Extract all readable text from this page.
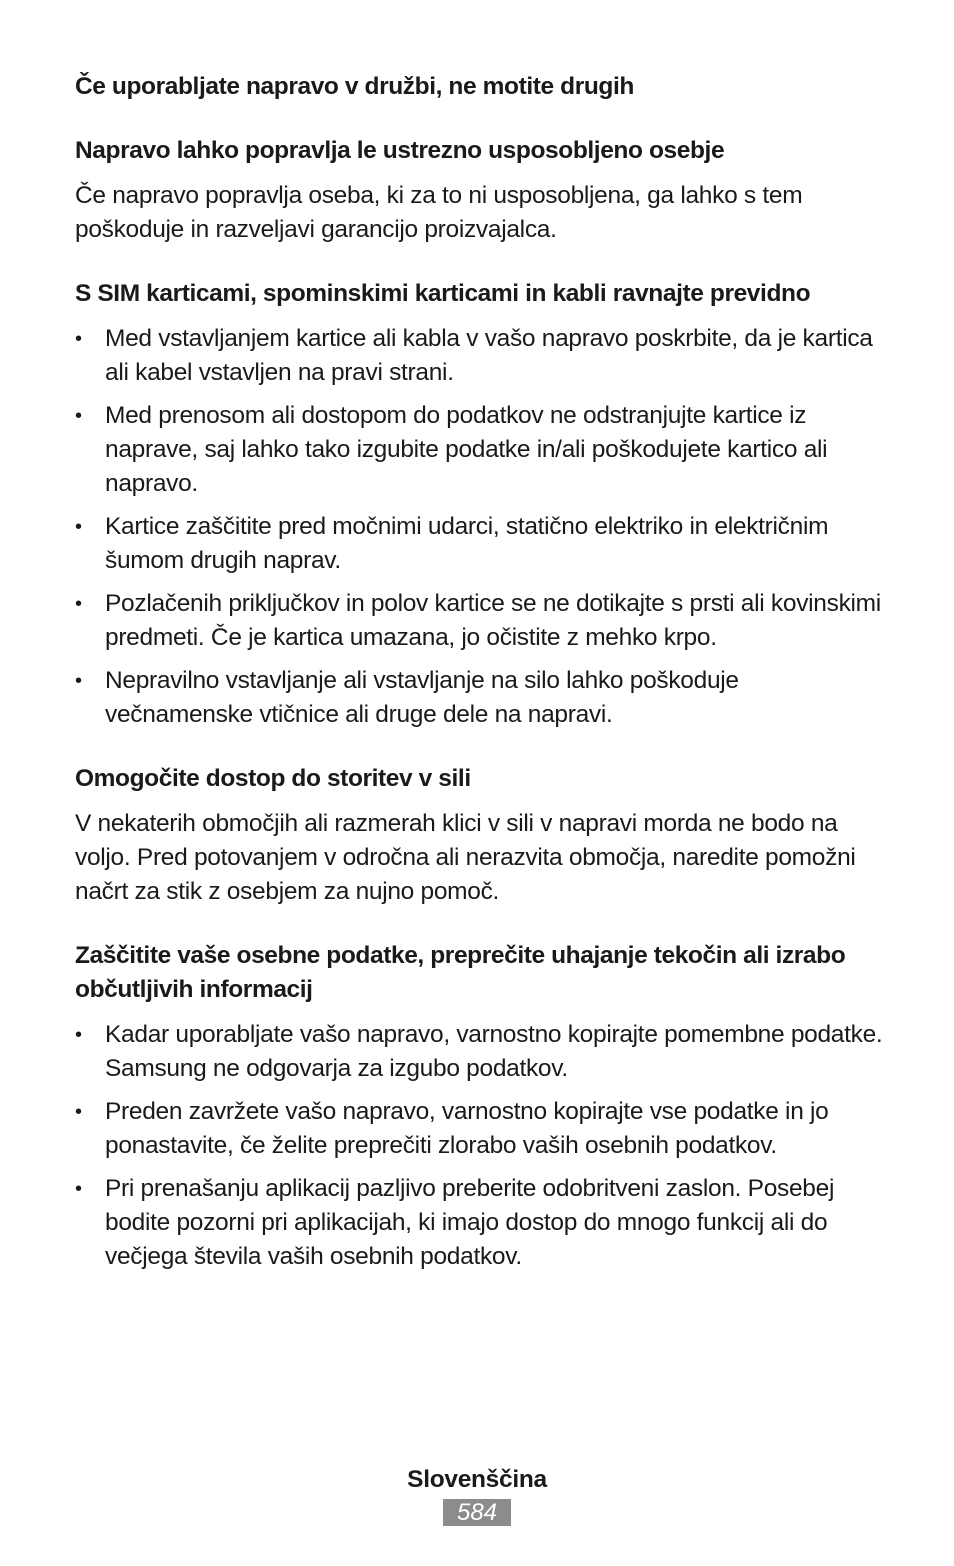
Če uporabljate napravo v družbi, ne motite drugih
Napravo lahko popravlja le ustrezno usposobljeno osebje

Če napravo popravlja oseba, ki za to ni usposobljena, ga lahko s tem poškoduje in razveljavi garancijo proizvajalca.

S SIM karticami, spominskimi karticami in kabli ravnajte previdno
• Med vstavljanjem kartice ali kabla v vašo napravo poskrbite, da je kartica ali kabel vstavljen na pravi strani.
• Med prenosom ali dostopom do podatkov ne odstranjujte kartice iz naprave, saj lahko tako izgubite podatke in/ali poškodujete kartico ali napravo.
• Kartice zaščitite pred močnimi udarci, statično elektriko in električnim šumom drugih naprav.
• Pozlačenih priključkov in polov kartice se ne dotikajte s prsti ali kovinskimi predmeti. Če je kartica umazana, jo očistite z mehko krpo.
• Nepravilno vstavljanje ali vstavljanje na silo lahko poškoduje večnamenske vtičnice ali druge dele na napravi.
Omogočite dostop do storitev v sili

V nekaterih območjih ali razmerah klici v sili v napravi morda ne bodo na voljo. Pred potovanjem v odročna ali nerazvita območja, naredite pomožni načrt za stik z osebjem za nujno pomoč.

Zaščitite vaše osebne podatke, preprečite uhajanje tekočin ali izrabo občutljivih informacij
• Kadar uporabljate vašo napravo, varnostno kopirajte pomembne podatke. Samsung ne odgovarja za izgubo podatkov.
• Preden zavržete vašo napravo, varnostno kopirajte vse podatke in jo ponastavite, če želite preprečiti zlorabo vaših osebnih podatkov.
• Pri prenašanju aplikacij pazljivo preberite odobritveni zaslon. Posebej bodite pozorni pri aplikacijah, ki imajo dostop do mnogo funkcij ali do večjega števila vaših osebnih podatkov.
Slovenščina
584
